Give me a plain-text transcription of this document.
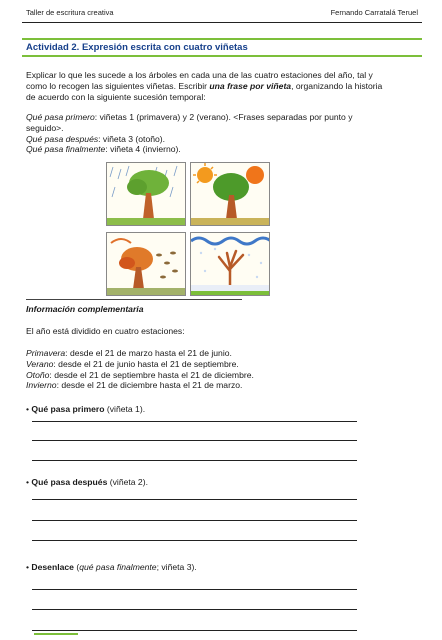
Taller de escritura creativa	Fernando Carratalá Teruel
Actividad 2. Expresión escrita con cuatro viñetas
Explicar lo que les sucede a los árboles en cada una de las cuatro estaciones del año, tal y
como lo recogen las siguientes viñetas. Escribir una frase por viñeta, organizando la historia
de acuerdo con la siguiente sucesión temporal:
Qué pasa primero: viñetas 1 (primavera) y 2 (verano). <Frases separadas por punto y
seguido>.
Qué pasa después: viñeta 3 (otoño).
Qué pasa finalmente: viñeta 4 (invierno).
Información complementaria
El año está dividido en cuatro estaciones:
Primavera: desde el 21 de marzo hasta el 21 de junio.
Verano: desde el 21 de junio hasta el 21 de septiembre.
Otoño: desde el 21 de septiembre hasta el 21 de diciembre.
Invierno: desde el 21 de diciembre hasta el 21 de marzo.
• Qué pasa primero (viñeta 1).
• Qué pasa después (viñeta 2).
• Desenlace (qué pasa finalmente; viñeta 3).
